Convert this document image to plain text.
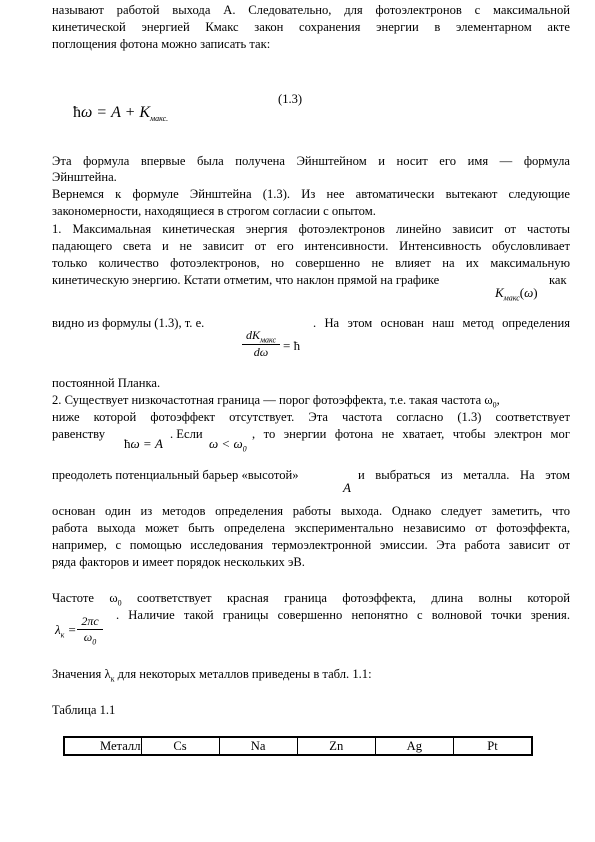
называют работой выхода А. Следовательно, для фотоэлектронов с максимальной
кинетической энергией Кмакс закон сохранения энергии в элементарном акте
поглощения фотона можно записать так:
ħω = $A + K_{макс.}$
(1.3)
Эта формула впервые была получена Эйнштейном и носит его имя — формула
Эйнштейна.
Вернемся к формуле Эйнштейна (1.3). Из нее автоматически вытекают следующие
закономерности, находящиеся в строгом согласии с опытом.
1. Максимальная кинетическая энергия фотоэлектронов линейно зависит от частоты
падающего света и не зависит от его интенсивности. Интенсивность обусловливает
только количество фотоэлектронов, но совершенно не влияет на их максимальную
кинетическую энергию. Кстати отметим, что наклон прямой на графике	как
$K_{макс}(\omega)$
видно из формулы (1.3), т. е.	. На этом основан наш метод определения
$dK_{макс}$
dω	= ħ
постоянной Планка.
2. Существует низкочастотная граница — порог фотоэффекта, т.е. такая частота $\omega_0$,
ниже которой фотоэффект отсутствует. Эта частота согласно (1.3) соответствует
равенству
ħω = A
. Если
$\omega < \omega_0$
, то энергии фотона не хватает, чтобы электрон мог
преодолеть потенциальный барьер «высотой»
A
и выбраться из металла. На этом
основан один из методов определения работы выхода. Однако следует заметить, что
работа выхода может быть определена экспериментально независимо от фотоэффекта,
например, с помощью исследования термоэлектронной эмиссии. Эта работа зависит от
ряда факторов и имеет порядок нескольких эВ.
Частоте $\omega_0$ соответствует красная граница фотоэффекта, длина волны которой
. Наличие такой границы совершенно непонятно с волновой точки зрения.
$\lambda_к = \frac{2\pi c}{\omega_0}$
Значения $\lambda_к$ для некоторых металлов приведены в табл. 1.1:
Таблица 1.1
Металл	Cs	Na	Zn	Ag	Pt
